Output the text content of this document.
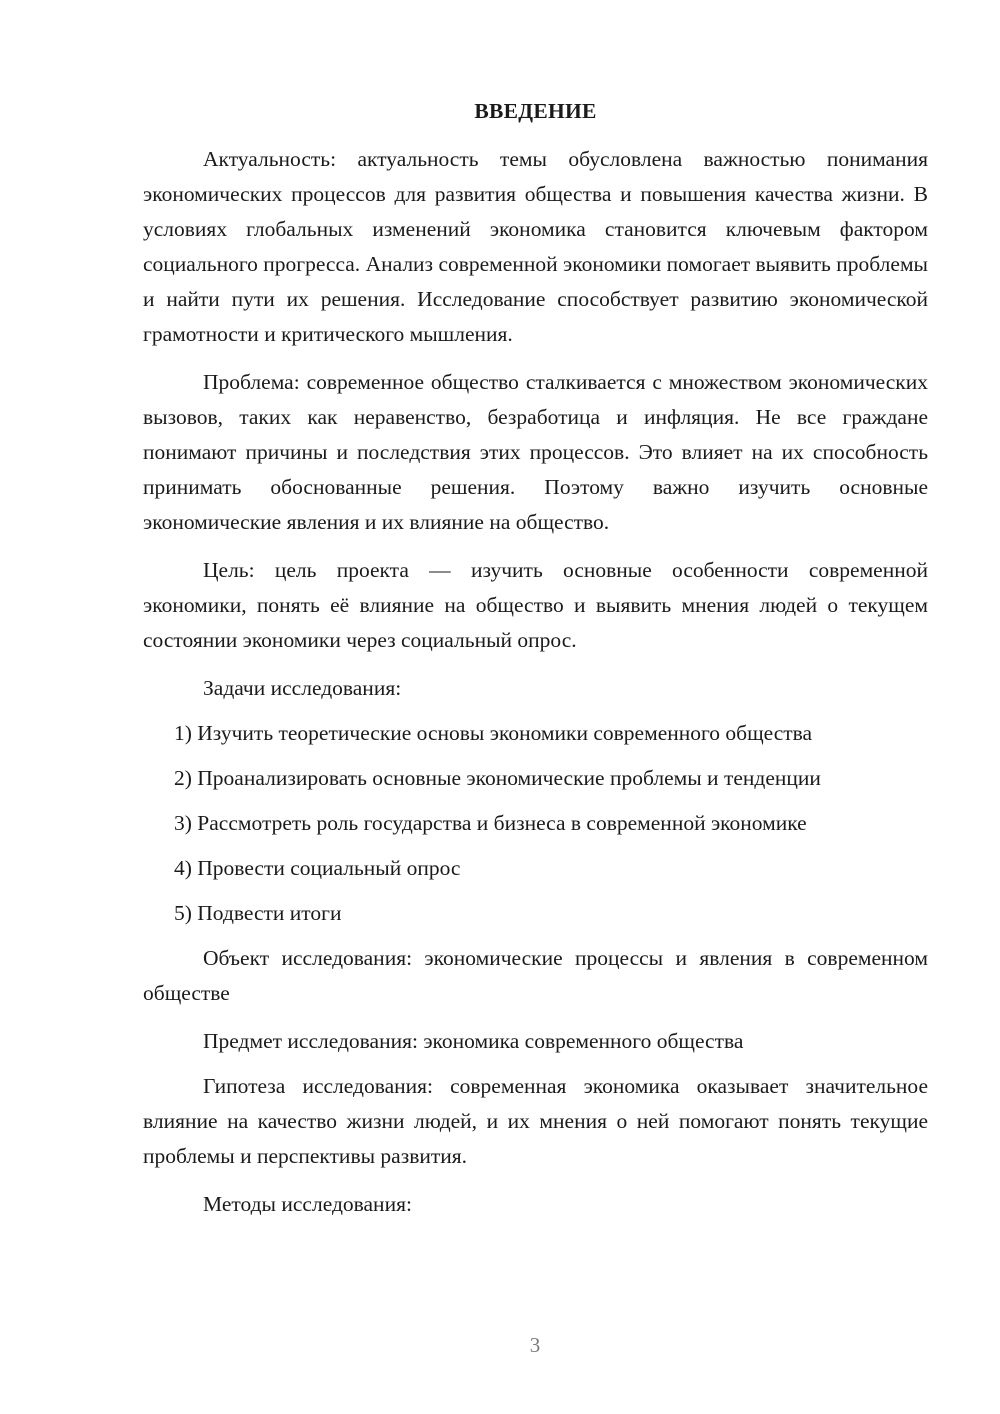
ВВЕДЕНИЕ

Актуальность: актуальность темы обусловлена важностью понимания экономических процессов для развития общества и повышения качества жизни. В условиях глобальных изменений экономика становится ключевым фактором социального прогресса. Анализ современной экономики помогает выявить проблемы и найти пути их решения. Исследование способствует развитию экономической грамотности и критического мышления.

Проблема: современное общество сталкивается с множеством экономических вызовов, таких как неравенство, безработица и инфляция. Не все граждане понимают причины и последствия этих процессов. Это влияет на их способность принимать обоснованные решения. Поэтому важно изучить основные экономические явления и их влияние на общество.

Цель: цель проекта — изучить основные особенности современной экономики, понять её влияние на общество и выявить мнения людей о текущем состоянии экономики через социальный опрос.

Задачи исследования:

1) Изучить теоретические основы экономики современного общества
2) Проанализировать основные экономические проблемы и тенденции
3) Рассмотреть роль государства и бизнеса в современной экономике
4) Провести социальный опрос
5) Подвести итоги

Объект исследования: экономические процессы и явления в современном обществе

Предмет исследования: экономика современного общества

Гипотеза исследования: современная экономика оказывает значительное влияние на качество жизни людей, и их мнения о ней помогают понять текущие проблемы и перспективы развития.

Методы исследования:

3
